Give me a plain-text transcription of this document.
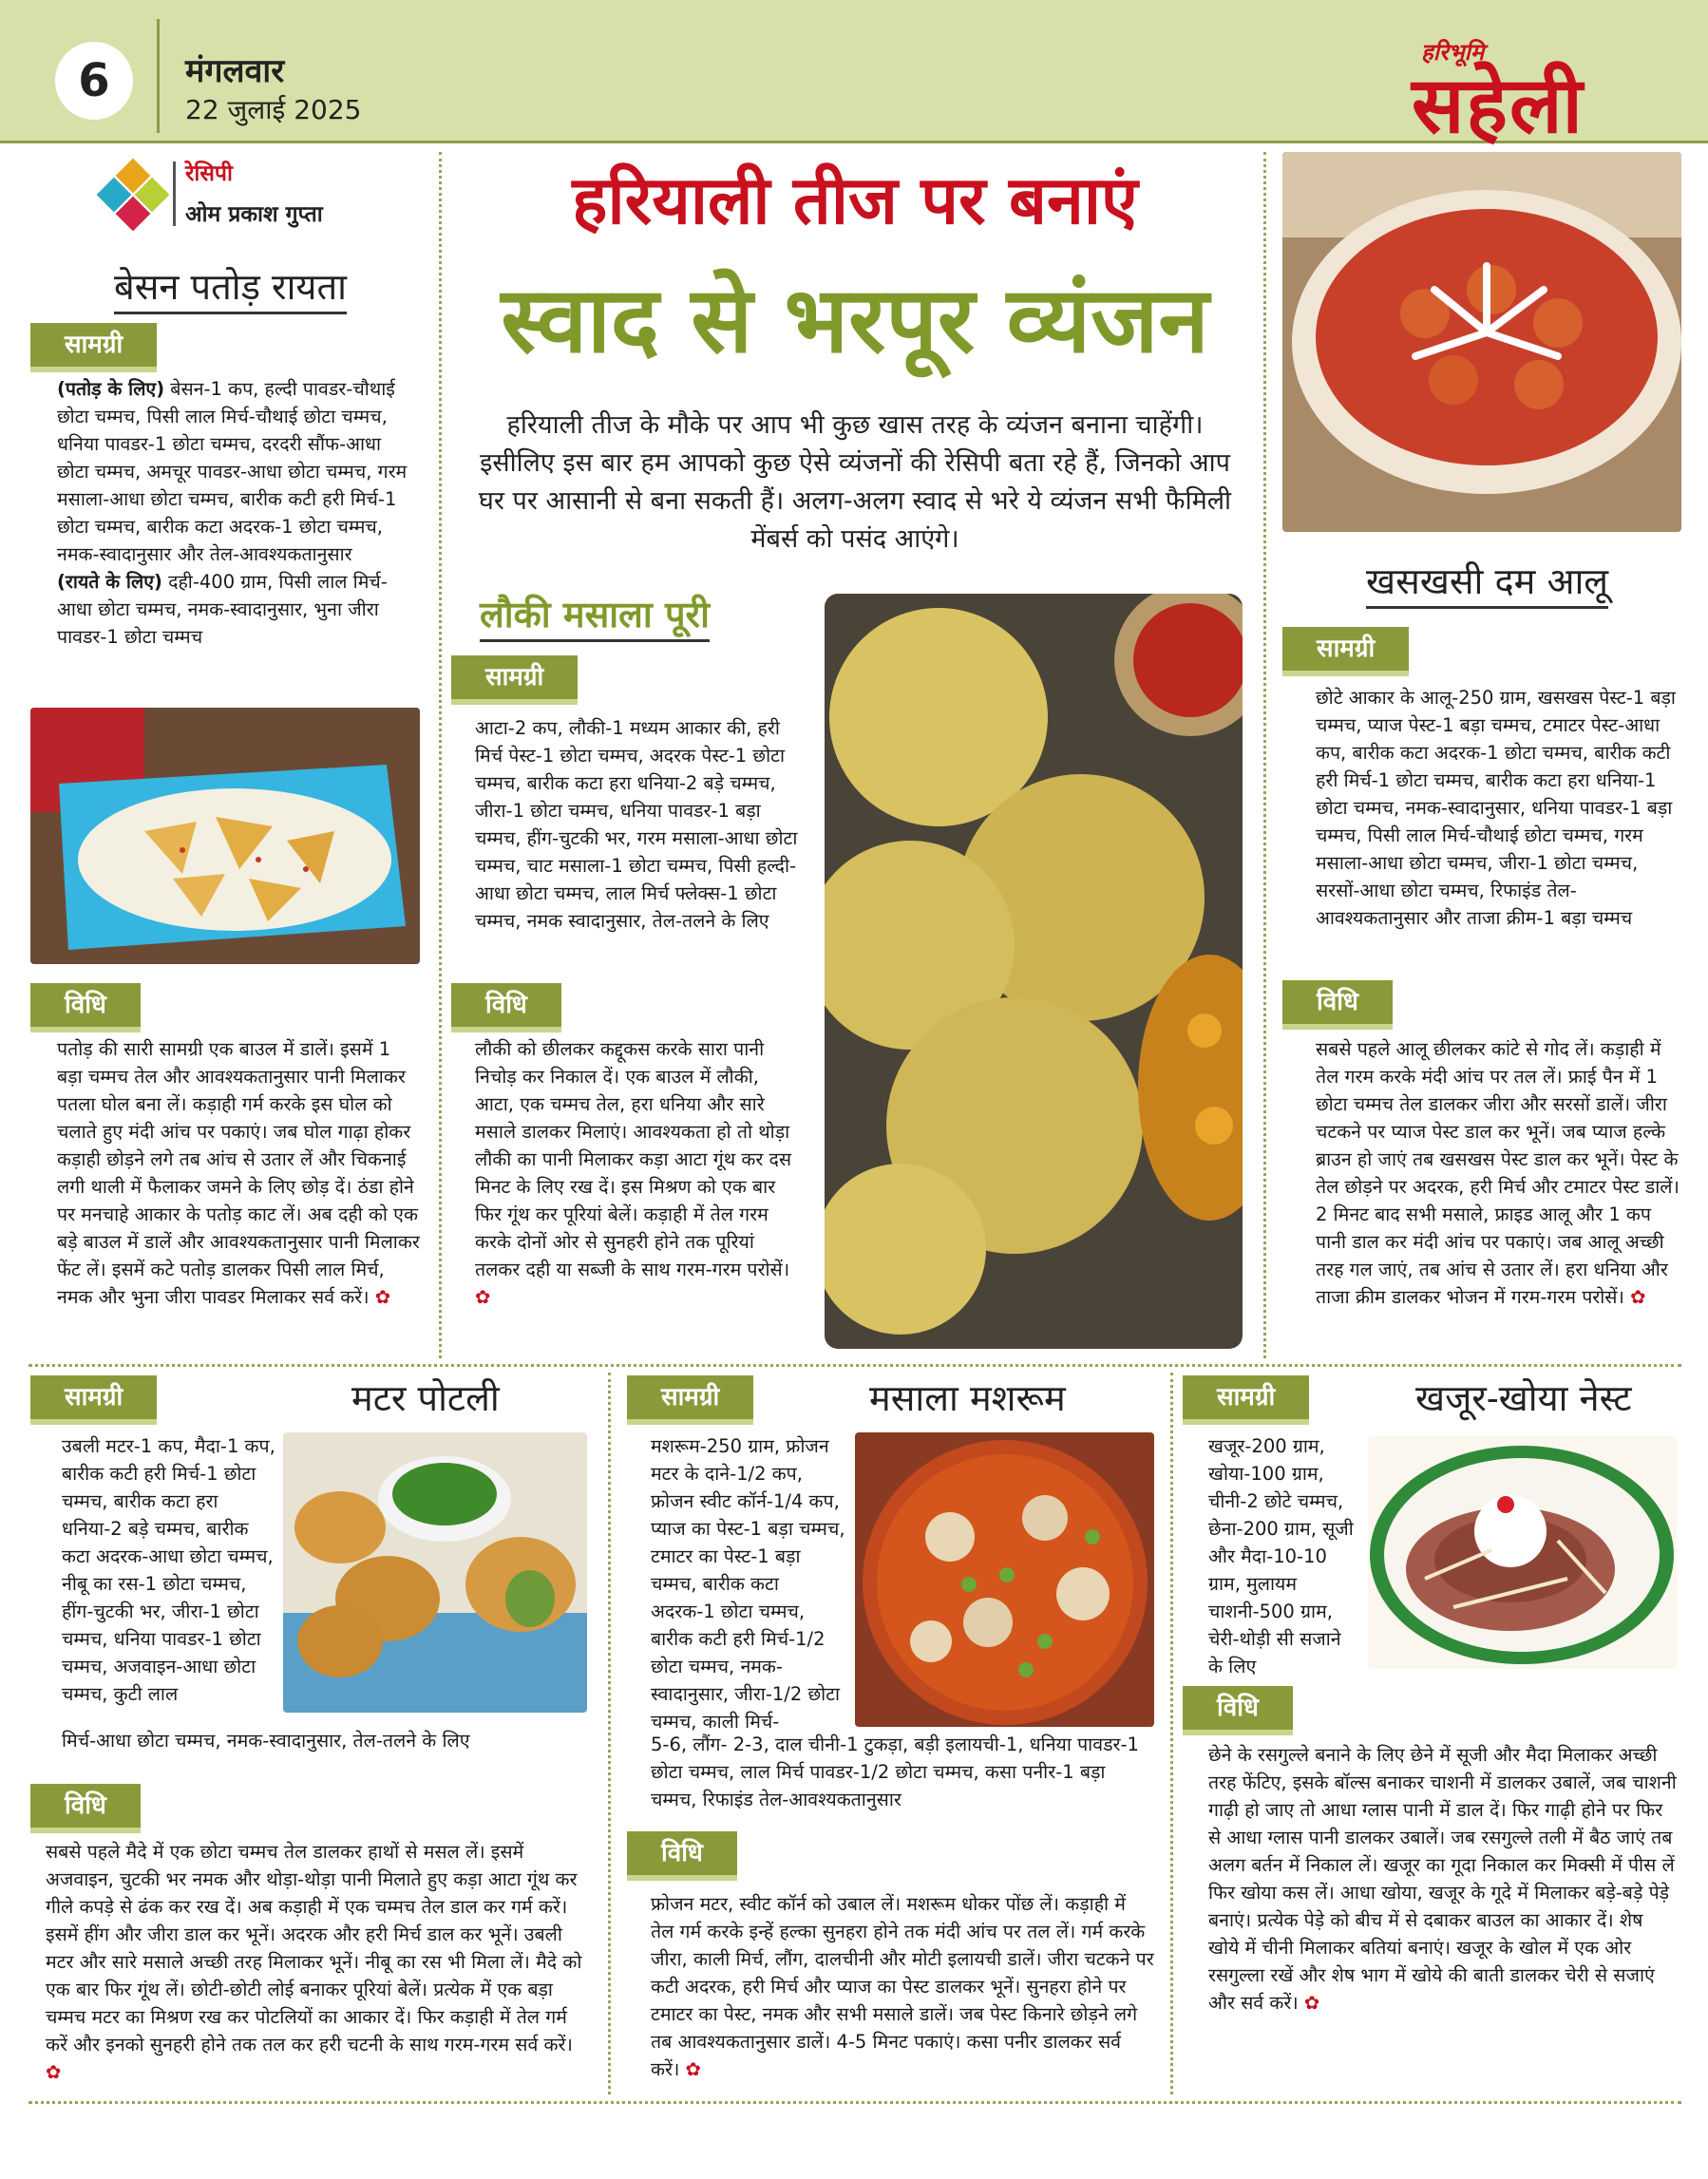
6	मंगलवार
22 जुलाई 2025
हरिभूमि
सहेली
रेसिपी
ओम प्रकाश गुप्ता
बेसन पतोड़ रायता
सामग्री
(पतोड़ के लिए) बेसन-1 कप, हल्दी पावडर-चौथाई छोटा चम्मच, पिसी लाल मिर्च-चौथाई छोटा चम्मच, धनिया पावडर-1 छोटा चम्मच, दरदरी सौंफ-आधा छोटा चम्मच, अमचूर पावडर-आधा छोटा चम्मच, गरम मसाला-आधा छोटा चम्मच, बारीक कटी हरी मिर्च-1 छोटा चम्मच, बारीक कटा अदरक-1 छोटा चम्मच, नमक-स्वादानुसार और तेल-आवश्यकतानुसार
(रायते के लिए) दही-400 ग्राम, पिसी लाल मिर्च-आधा छोटा चम्मच, नमक-स्वादानुसार, भुना जीरा पावडर-1 छोटा चम्मच
विधि
पतोड़ की सारी सामग्री एक बाउल में डालें। इसमें 1 बड़ा चम्मच तेल और आवश्यकतानुसार पानी मिलाकर पतला घोल बना लें। कड़ाही गर्म करके इस घोल को चलाते हुए मंदी आंच पर पकाएं। जब घोल गाढ़ा होकर कड़ाही छोड़ने लगे तब आंच से उतार लें और चिकनाई लगी थाली में फैलाकर जमने के लिए छोड़ दें। ठंडा होने पर मनचाहे आकार के पतोड़ काट लें। अब दही को एक बड़े बाउल में डालें और आवश्यकतानुसार पानी मिलाकर फेंट लें। इसमें कटे पतोड़ डालकर पिसी लाल मिर्च, नमक और भुना जीरा पावडर मिलाकर सर्व करें। ✿
हरियाली तीज पर बनाएं
स्वाद से भरपूर व्यंजन
हरियाली तीज के मौके पर आप भी कुछ खास तरह के व्यंजन बनाना चाहेंगी। इसीलिए इस बार हम आपको कुछ ऐसे व्यंजनों की रेसिपी बता रहे हैं, जिनको आप घर पर आसानी से बना सकती हैं। अलग-अलग स्वाद से भरे ये व्यंजन सभी फैमिली मेंबर्स को पसंद आएंगे।
लौकी मसाला पूरी
सामग्री
आटा-2 कप, लौकी-1 मध्यम आकार की, हरी मिर्च पेस्ट-1 छोटा चम्मच, अदरक पेस्ट-1 छोटा चम्मच, बारीक कटा हरा धनिया-2 बड़े चम्मच, जीरा-1 छोटा चम्मच, धनिया पावडर-1 बड़ा चम्मच, हींग-चुटकी भर, गरम मसाला-आधा छोटा चम्मच, चाट मसाला-1 छोटा चम्मच, पिसी हल्दी-आधा छोटा चम्मच, लाल मिर्च फ्लेक्स-1 छोटा चम्मच, नमक स्वादानुसार, तेल-तलने के लिए
विधि
लौकी को छीलकर कद्दूकस करके सारा पानी निचोड़ कर निकाल दें। एक बाउल में लौकी, आटा, एक चम्मच तेल, हरा धनिया और सारे मसाले डालकर मिलाएं। आवश्यकता हो तो थोड़ा लौकी का पानी मिलाकर कड़ा आटा गूंथ कर दस मिनट के लिए रख दें। इस मिश्रण को एक बार फिर गूंथ कर पूरियां बेलें। कड़ाही में तेल गरम करके दोनों ओर से सुनहरी होने तक पूरियां तलकर दही या सब्जी के साथ गरम-गरम परोसें। ✿
खसखसी दम आलू
सामग्री
छोटे आकार के आलू-250 ग्राम, खसखस पेस्ट-1 बड़ा चम्मच, प्याज पेस्ट-1 बड़ा चम्मच, टमाटर पेस्ट-आधा कप, बारीक कटा अदरक-1 छोटा चम्मच, बारीक कटी हरी मिर्च-1 छोटा चम्मच, बारीक कटा हरा धनिया-1 छोटा चम्मच, नमक-स्वादानुसार, धनिया पावडर-1 बड़ा चम्मच, पिसी लाल मिर्च-चौथाई छोटा चम्मच, गरम मसाला-आधा छोटा चम्मच, जीरा-1 छोटा चम्मच, सरसों-आधा छोटा चम्मच, रिफाइंड तेल-आवश्यकतानुसार और ताजा क्रीम-1 बड़ा चम्मच
विधि
सबसे पहले आलू छीलकर कांटे से गोद लें। कड़ाही में तेल गरम करके मंदी आंच पर तल लें। फ्राई पैन में 1 छोटा चम्मच तेल डालकर जीरा और सरसों डालें। जीरा चटकने पर प्याज पेस्ट डाल कर भूनें। जब प्याज हल्के ब्राउन हो जाएं तब खसखस पेस्ट डाल कर भूनें। पेस्ट के तेल छोड़ने पर अदरक, हरी मिर्च और टमाटर पेस्ट डालें। 2 मिनट बाद सभी मसाले, फ्राइड आलू और 1 कप पानी डाल कर मंदी आंच पर पकाएं। जब आलू अच्छी तरह गल जाएं, तब आंच से उतार लें। हरा धनिया और ताजा क्रीम डालकर भोजन में गरम-गरम परोसें। ✿
सामग्री	मटर पोटली
उबली मटर-1 कप, मैदा-1 कप, बारीक कटी हरी मिर्च-1 छोटा चम्मच, बारीक कटा हरा धनिया-2 बड़े चम्मच, बारीक कटा अदरक-आधा छोटा चम्मच, नीबू का रस-1 छोटा चम्मच, हींग-चुटकी भर, जीरा-1 छोटा चम्मच, धनिया पावडर-1 छोटा चम्मच, अजवाइन-आधा छोटा चम्मच, कुटी लाल
मिर्च-आधा छोटा चम्मच, नमक-स्वादानुसार, तेल-तलने के लिए
विधि
सबसे पहले मैदे में एक छोटा चम्मच तेल डालकर हाथों से मसल लें। इसमें अजवाइन, चुटकी भर नमक और थोड़ा-थोड़ा पानी मिलाते हुए कड़ा आटा गूंथ कर गीले कपड़े से ढंक कर रख दें। अब कड़ाही में एक चम्मच तेल डाल कर गर्म करें। इसमें हींग और जीरा डाल कर भूनें। अदरक और हरी मिर्च डाल कर भूनें। उबली मटर और सारे मसाले अच्छी तरह मिलाकर भूनें। नीबू का रस भी मिला लें। मैदे को एक बार फिर गूंथ लें। छोटी-छोटी लोई बनाकर पूरियां बेलें। प्रत्येक में एक बड़ा चम्मच मटर का मिश्रण रख कर पोटलियों का आकार दें। फिर कड़ाही में तेल गर्म करें और इनको सुनहरी होने तक तल कर हरी चटनी के साथ गरम-गरम सर्व करें। ✿
सामग्री	मसाला मशरूम
मशरूम-250 ग्राम, फ्रोजन मटर के दाने-1/2 कप, फ्रोजन स्वीट कॉर्न-1/4 कप, प्याज का पेस्ट-1 बड़ा चम्मच, टमाटर का पेस्ट-1 बड़ा चम्मच, बारीक कटा अदरक-1 छोटा चम्मच, बारीक कटी हरी मिर्च-1/2 छोटा चम्मच, नमक-स्वादानुसार, जीरा-1/2 छोटा चम्मच, काली मिर्च-
5-6, लौंग- 2-3, दाल चीनी-1 टुकड़ा, बड़ी इलायची-1, धनिया पावडर-1 छोटा चम्मच, लाल मिर्च पावडर-1/2 छोटा चम्मच, कसा पनीर-1 बड़ा चम्मच, रिफाइंड तेल-आवश्यकतानुसार
विधि
फ्रोजन मटर, स्वीट कॉर्न को उबाल लें। मशरूम धोकर पोंछ लें। कड़ाही में तेल गर्म करके इन्हें हल्का सुनहरा होने तक मंदी आंच पर तल लें। गर्म करके जीरा, काली मिर्च, लौंग, दालचीनी और मोटी इलायची डालें। जीरा चटकने पर कटी अदरक, हरी मिर्च और प्याज का पेस्ट डालकर भूनें। सुनहरा होने पर टमाटर का पेस्ट, नमक और सभी मसाले डालें। जब पेस्ट किनारे छोड़ने लगे तब आवश्यकतानुसार डालें। 4-5 मिनट पकाएं। कसा पनीर डालकर सर्व करें। ✿
सामग्री	खजूर-खोया नेस्ट
खजूर-200 ग्राम, खोया-100 ग्राम, चीनी-2 छोटे चम्मच, छेना-200 ग्राम, सूजी और मैदा-10-10 ग्राम, मुलायम चाशनी-500 ग्राम, चेरी-थोड़ी सी सजाने के लिए
विधि
छेने के रसगुल्ले बनाने के लिए छेने में सूजी और मैदा मिलाकर अच्छी तरह फेंटिए, इसके बॉल्स बनाकर चाशनी में डालकर उबालें, जब चाशनी गाढ़ी हो जाए तो आधा ग्लास पानी में डाल दें। फिर गाढ़ी होने पर फिर से आधा ग्लास पानी डालकर उबालें। जब रसगुल्ले तली में बैठ जाएं तब अलग बर्तन में निकाल लें। खजूर का गूदा निकाल कर मिक्सी में पीस लें फिर खोया कस लें। आधा खोया, खजूर के गूदे में मिलाकर बड़े-बड़े पेड़े बनाएं। प्रत्येक पेड़े को बीच में से दबाकर बाउल का आकार दें। शेष खोये में चीनी मिलाकर बतियां बनाएं। खजूर के खोल में एक ओर रसगुल्ला रखें और शेष भाग में खोये की बाती डालकर चेरी से सजाएं और सर्व करें। ✿
